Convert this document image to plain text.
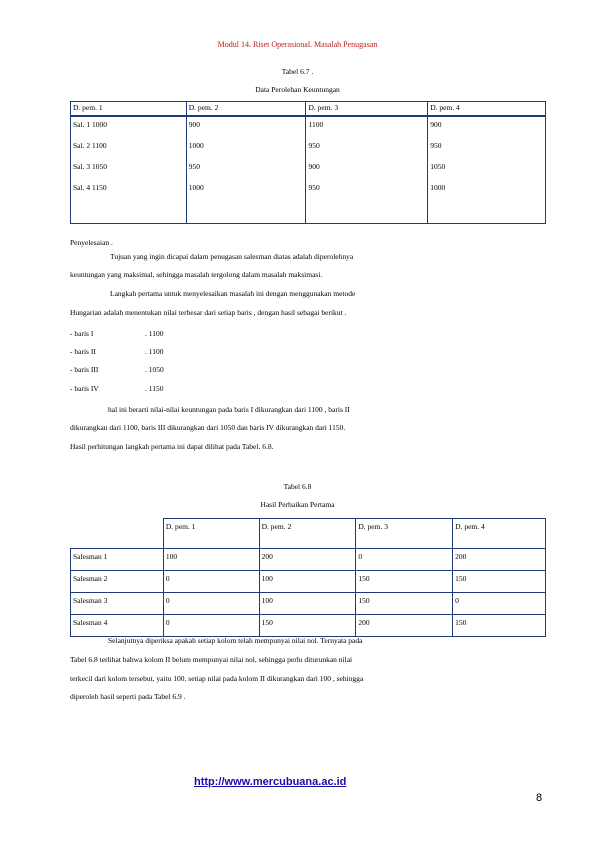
Modul 14. Riset Operasional. Masalah Penugasan
Tabel 6.7 .
Data Perolehan Keuntungan
D. pem. 1	D. pem. 2	D. pem. 3	D. pem. 4
Sal. 1 1000	900	1100	900
Sal. 2 1100	1000	950	950
Sal. 3 1050	950	900	1050
Sal. 4 1150	1000	950	1000
Penyelesaian .
Tujuan yang ingin dicapai dalam penugasan salesman diatas adalah diperolehnya
keuntungan yang maksimal, sehingga masalah tergolong dalam masalah maksimasi.
Langkah pertama untuk menyelesaikan masalah ini dengan menggunakan metode
Hungarian adalah menentukan nilai terbesar dari setiap baris , dengan hasil sebagai berikut .
- baris I	. 1100
- baris II	. 1100
- baris III	. 1050
- baris IV	. 1150
hal ini berarti nilai-nilai keuntungan pada baris I dikurangkan dari 1100 , baris II
dikurangkan dari 1100, baris III dikurangkan dari 1050 dan baris IV dikurangkan dari 1150.
Hasil perhitungan langkah pertama ini dapat dilihat pada Tabel. 6.8.
Tabel 6.8
Hasil Perbaikan Pertama
	D. pem. 1	D. pem. 2	D. pem. 3	D. pem. 4
Salesman 1	100	200	0	200
Salesman 2	0	100	150	150
Salesman 3	0	100	150	0
Salesman 4	0	150	200	150
Selanjutnya diperiksa apakah setiap kolom telah mempunyai nilai nol. Ternyata pada
Tabel 6.8 terlihat bahwa kolom II belum mempunyai nilai nol, sehingga perlu diturunkan nilai
terkecil dari kolom tersebut, yaitu 100. setiap nilai pada kolom II dikurangkan dari 100 , sehingga
diperoleh hasil seperti pada Tabel 6.9 .
http://www.mercubuana.ac.id
8
